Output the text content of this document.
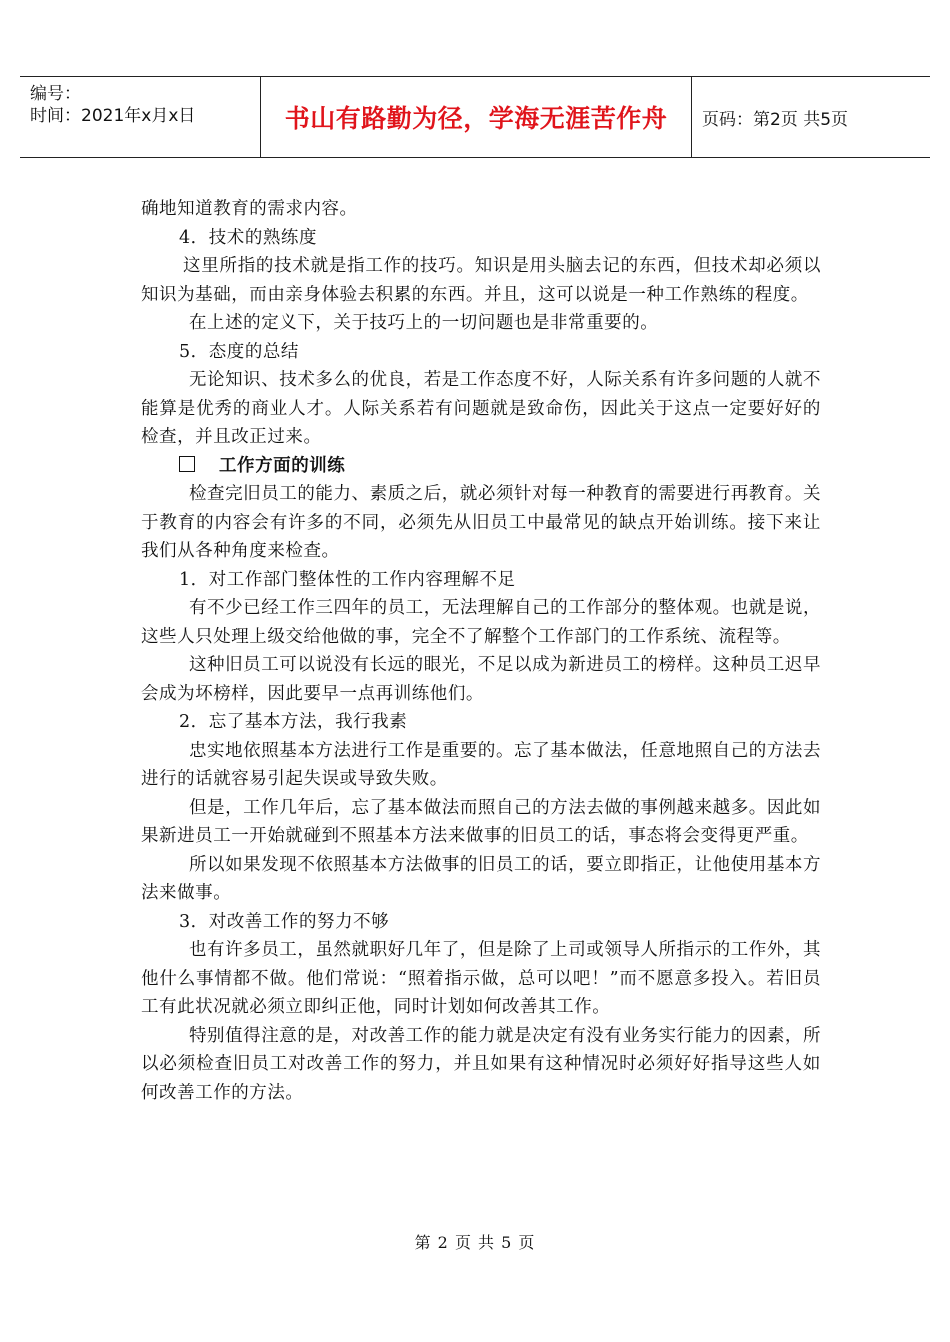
编号：
时间：2021年x月x日	书山有路勤为径，学海无涯苦作舟	页码：第2页 共5页

确地知道教育的需求内容。

4．技术的熟练度

这里所指的技术就是指工作的技巧。知识是用头脑去记的东西，但技术却必须以知识为基础，而由亲身体验去积累的东西。并且，这可以说是一种工作熟练的程度。

在上述的定义下，关于技巧上的一切问题也是非常重要的。

5．态度的总结

无论知识、技术多么的优良，若是工作态度不好，人际关系有许多问题的人就不能算是优秀的商业人才。人际关系若有问题就是致命伤，因此关于这点一定要好好的检查，并且改正过来。

工作方面的训练

检查完旧员工的能力、素质之后，就必须针对每一种教育的需要进行再教育。关于教育的内容会有许多的不同，必须先从旧员工中最常见的缺点开始训练。接下来让我们从各种角度来检查。

1．对工作部门整体性的工作内容理解不足

有不少已经工作三四年的员工，无法理解自己的工作部分的整体观。也就是说，这些人只处理上级交给他做的事，完全不了解整个工作部门的工作系统、流程等。

这种旧员工可以说没有长远的眼光，不足以成为新进员工的榜样。这种员工迟早会成为坏榜样，因此要早一点再训练他们。

2．忘了基本方法，我行我素

忠实地依照基本方法进行工作是重要的。忘了基本做法，任意地照自己的方法去进行的话就容易引起失误或导致失败。

但是，工作几年后，忘了基本做法而照自己的方法去做的事例越来越多。因此如果新进员工一开始就碰到不照基本方法来做事的旧员工的话，事态将会变得更严重。

所以如果发现不依照基本方法做事的旧员工的话，要立即指正，让他使用基本方法来做事。

3．对改善工作的努力不够

也有许多员工，虽然就职好几年了，但是除了上司或领导人所指示的工作外，其他什么事情都不做。他们常说：“照着指示做，总可以吧！”而不愿意多投入。若旧员工有此状况就必须立即纠正他，同时计划如何改善其工作。

特别值得注意的是，对改善工作的能力就是决定有没有业务实行能力的因素，所以必须检查旧员工对改善工作的努力，并且如果有这种情况时必须好好指导这些人如何改善工作的方法。

第 2 页 共 5 页
